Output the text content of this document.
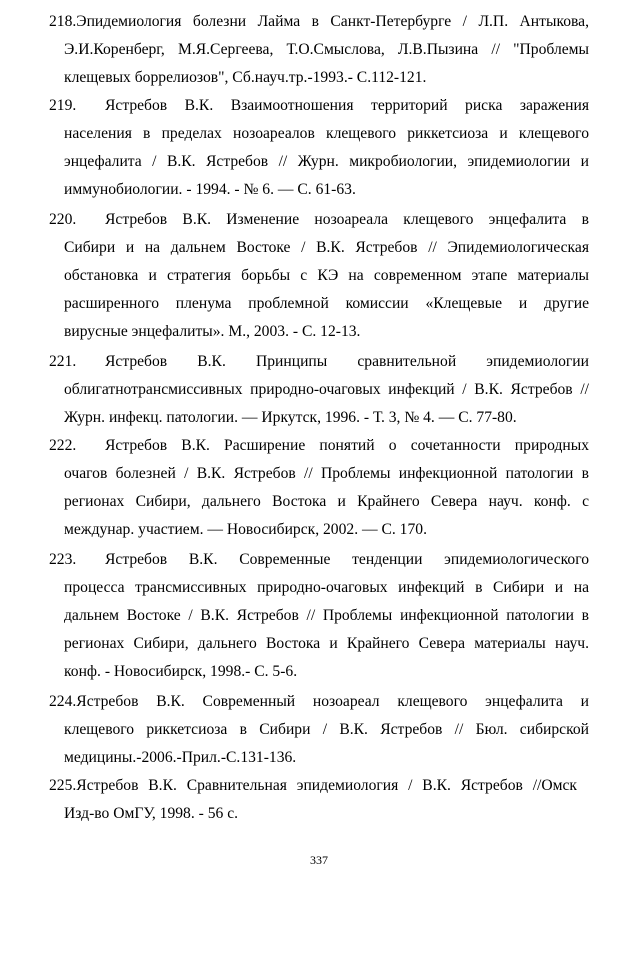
218.Эпидемиология болезни Лайма в Санкт-Петербурге / Л.П. Антыкова,
Э.И.Коренберг, М.Я.Сергеева, Т.О.Смыслова, Л.В.Пызина // "Проблемы
клещевых боррелиозов", Сб.науч.тр.-1993.- С.112-121.
219. Ястребов В.К. Взаимоотношения территорий риска заражения
населения в пределах нозоареалов клещевого риккетсиоза и клещевого
энцефалита / В.К. Ястребов // Журн. микробиологии, эпидемиологии и
иммунобиологии. - 1994. - № 6. — С. 61-63.
220. Ястребов В.К. Изменение нозоареала клещевого энцефалита в
Сибири и на дальнем Востоке / В.К. Ястребов // Эпидемиологическая
обстановка и стратегия борьбы с КЭ на современном этапе материалы
расширенного пленума проблемной комиссии «Клещевые и другие
вирусные энцефалиты». М., 2003. - С. 12-13.
221. Ястребов В.К. Принципы сравнительной эпидемиологии
облигатнотрансмиссивных природно-очаговых инфекций / В.К. Ястребов //
Журн. инфекц. патологии. — Иркутск, 1996. - Т. 3, № 4. — С. 77-80.
222. Ястребов В.К. Расширение понятий о сочетанности природных
очагов болезней / В.К. Ястребов // Проблемы инфекционной патологии в
регионах Сибири, дальнего Востока и Крайнего Севера науч. конф. с
междунар. участием. — Новосибирск, 2002. — С. 170.
223. Ястребов В.К. Современные тенденции эпидемиологического
процесса трансмиссивных природно-очаговых инфекций в Сибири и на
дальнем Востоке / В.К. Ястребов // Проблемы инфекционной патологии в
регионах Сибири, дальнего Востока и Крайнего Севера материалы науч.
конф. - Новосибирск, 1998.- С. 5-6.
224.Ястребов В.К. Современный нозоареал клещевого энцефалита и
клещевого риккетсиоза в Сибири / В.К. Ястребов // Бюл. сибирской
медицины.-2006.-Прил.-С.131-136.
225.Ястребов В.К. Сравнительная эпидемиология / В.К. Ястребов //Омск
Изд-во ОмГУ, 1998. - 56 с.
337
